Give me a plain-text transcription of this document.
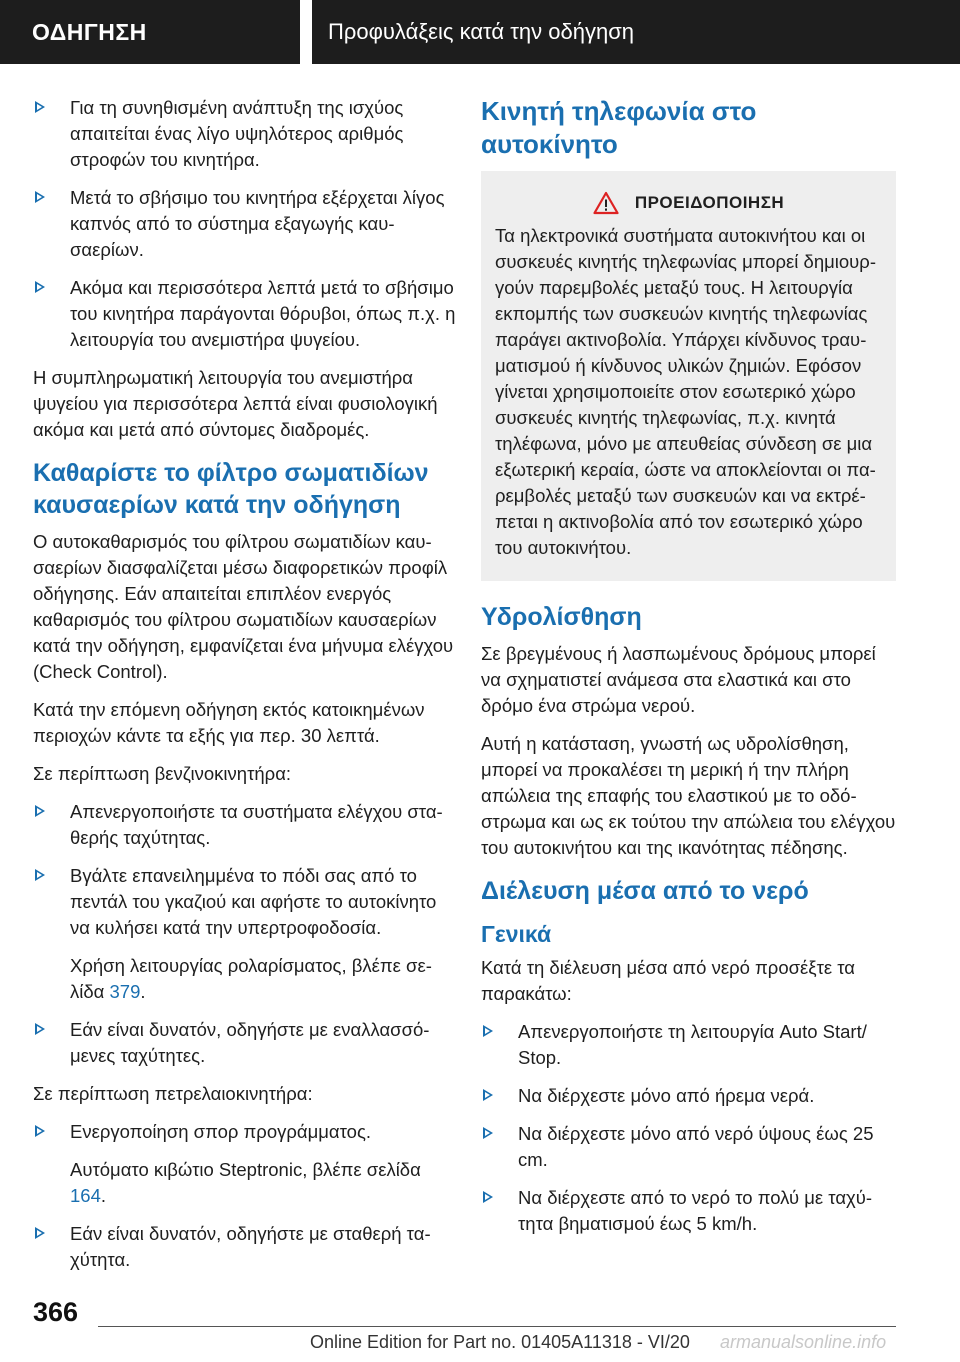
ΟΔΗΓΗΣΗ	Προφυλάξεις κατά την οδήγηση
Για τη συνηθισμένη ανάπτυξη της ισχύος απαιτείται ένας λίγο υψηλότερος αριθμός στροφών του κινητήρα.
Μετά το σβήσιμο του κινητήρα εξέρχεται λίγος καπνός από το σύστημα εξαγωγής καυσαερίων.
Ακόμα και περισσότερα λεπτά μετά το σβήσιμο του κινητήρα παράγονται θόρυβοι, όπως π.χ. η λειτουργία του ανεμιστήρα ψυγείου.

Η συμπληρωματική λειτουργία του ανεμιστήρα ψυγείου για περισσότερα λεπτά είναι φυσιολογική ακόμα και μετά από σύντομες διαδρομές.

Καθαρίστε το φίλτρο σωματιδίων καυσαερίων κατά την οδήγηση

Ο αυτοκαθαρισμός του φίλτρου σωματιδίων καυσαερίων διασφαλίζεται μέσω διαφορετικών προφίλ οδήγησης. Εάν απαιτείται επιπλέον ενεργός καθαρισμός του φίλτρου σωματιδίων καυσαερίων κατά την οδήγηση, εμφανίζεται ένα μήνυμα ελέγχου (Check Control).

Κατά την επόμενη οδήγηση εκτός κατοικημένων περιοχών κάντε τα εξής για περ. 30 λεπτά.

Σε περίπτωση βενζινοκινητήρα:

Απενεργοποιήστε τα συστήματα ελέγχου σταθερής ταχύτητας.
Βγάλτε επανειλημμένα το πόδι σας από το πεντάλ του γκαζιού και αφήστε το αυτοκίνητο να κυλήσει κατά την υπερτροφοδοσία.
Χρήση λειτουργίας ρολαρίσματος, βλέπε σελίδα 379.
Εάν είναι δυνατόν, οδηγήστε με εναλλασσόμενες ταχύτητες.

Σε περίπτωση πετρελαιοκινητήρα:

Ενεργοποίηση σπορ προγράμματος.
Αυτόματο κιβώτιο Steptronic, βλέπε σελίδα 164.
Εάν είναι δυνατόν, οδηγήστε με σταθερή ταχύτητα.
Κινητή τηλεφωνία στο αυτοκίνητο
ΠΡΟΕΙΔΟΠΟΙΗΣΗ

Τα ηλεκτρονικά συστήματα αυτοκινήτου και οι συσκευές κινητής τηλεφωνίας μπορεί δημιουργούν παρεμβολές μεταξύ τους. Η λειτουργία εκπομπής των συσκευών κινητής τηλεφωνίας παράγει ακτινοβολία. Υπάρχει κίνδυνος τραυματισμού ή κίνδυνος υλικών ζημιών. Εφόσον γίνεται χρησιμοποιείτε στον εσωτερικό χώρο συσκευές κινητής τηλεφωνίας, π.χ. κινητά τηλέφωνα, μόνο με απευθείας σύνδεση σε μια εξωτερική κεραία, ώστε να αποκλείονται οι παρεμβολές μεταξύ των συσκευών και να εκτρέπεται η ακτινοβολία από τον εσωτερικό χώρο του αυτοκινήτου.

Υδρολίσθηση

Σε βρεγμένους ή λασπωμένους δρόμους μπορεί να σχηματιστεί ανάμεσα στα ελαστικά και στο δρόμο ένα στρώμα νερού.

Αυτή η κατάσταση, γνωστή ως υδρολίσθηση, μπορεί να προκαλέσει τη μερική ή την πλήρη απώλεια της επαφής του ελαστικού με το οδόστρωμα και ως εκ τούτου την απώλεια του ελέγχου του αυτοκινήτου και της ικανότητας πέδησης.

Διέλευση μέσα από το νερό
Γενικά

Κατά τη διέλευση μέσα από νερό προσέξτε τα παρακάτω:

Απενεργοποιήστε τη λειτουργία Auto Start/ Stop.
Να διέρχεστε μόνο από ήρεμα νερά.
Να διέρχεστε μόνο από νερό ύψους έως 25 cm.
Να διέρχεστε από το νερό το πολύ με ταχύτητα βηματισμού έως 5 km/h.
366
Online Edition for Part no. 01405A11318 - VI/20 armanualsonline.info
